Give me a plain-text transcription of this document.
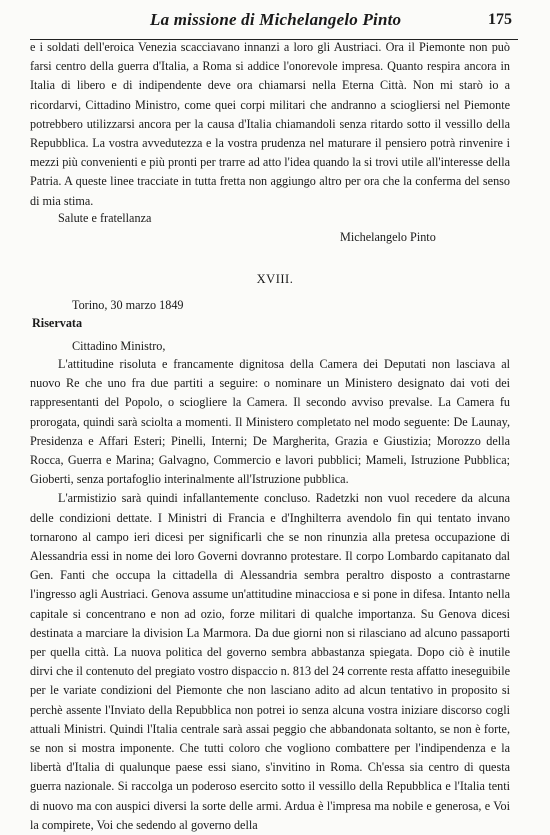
La missione di Michelangelo Pinto	175

e i soldati dell'eroica Venezia scacciavano innanzi a loro gli Austriaci. Ora il Piemonte non può farsi centro della guerra d'Italia, a Roma si addice l'onorevole impresa. Quanto respira ancora in Italia di libero e di indipendente deve ora chiamarsi nella Eterna Città. Non mi starò io a ricordarvi, Cittadino Ministro, come quei corpi militari che andranno a sciogliersi nel Piemonte potrebbero utilizzarsi ancora per la causa d'Italia chiamandoli senza ritardo sotto il vessillo della Repubblica. La vostra avvedutezza e la vostra prudenza nel maturare il pensiero potrà rinvenire i mezzi più convenienti e più pronti per trarre ad atto l'idea quando la si trovi utile all'interesse della Patria. A queste linee tracciate in tutta fretta non aggiungo altro per ora che la conferma del senso di mia stima.

Salute e fratellanza
Michelangelo Pinto
XVIII.
Torino, 30 marzo 1849
Riservata
Cittadino Ministro,

L'attitudine risoluta e francamente dignitosa della Camera dei Deputati non lasciava al nuovo Re che uno fra due partiti a seguire: o nominare un Ministero designato dai voti dei rappresentanti del Popolo, o sciogliere la Camera. Il secondo avviso prevalse. La Camera fu prorogata, quindi sarà sciolta a momenti. Il Ministero completato nel modo seguente: De Launay, Presidenza e Affari Esteri; Pinelli, Interni; De Margherita, Grazia e Giustizia; Morozzo della Rocca, Guerra e Marina; Galvagno, Commercio e lavori pubblici; Mameli, Istruzione Pubblica; Gioberti, senza portafoglio interinalmente all'Istruzione pubblica.

L'armistizio sarà quindi infallantemente concluso. Radetzki non vuol recedere da alcuna delle condizioni dettate. I Ministri di Francia e d'Inghilterra avendolo fin qui tentato invano tornarono al campo ieri dicesi per significarli che se non rinunzia alla pretesa occupazione di Alessandria essi in nome dei loro Governi dovranno protestare. Il corpo Lombardo capitanato dal Gen. Fanti che occupa la cittadella di Alessandria sembra peraltro disposto a contrastarne l'ingresso agli Austriaci. Genova assume un'attitudine minacciosa e si pone in difesa. Intanto nella capitale si concentrano e non ad ozio, forze militari di qualche importanza. Su Genova dicesi destinata a marciare la division La Marmora. Da due giorni non si rilasciano ad alcuno passaporti per quella città. La nuova politica del governo sembra abbastanza spiegata. Dopo ciò è inutile dirvi che il contenuto del pregiato vostro dispaccio n. 813 del 24 corrente resta affatto ineseguibile per le variate condizioni del Piemonte che non lasciano adito ad alcun tentativo in proposito si perchè assente l'Inviato della Repubblica non potrei io senza alcuna vostra iniziare discorso cogli attuali Ministri. Quindi l'Italia centrale sarà assai peggio che abbandonata soltanto, se non è forte, se non si mostra imponente. Che tutti coloro che vogliono combattere per l'indipendenza e la libertà d'Italia di qualunque paese essi siano, s'invitino in Roma. Ch'essa sia centro di questa guerra nazionale. Si raccolga un poderoso esercito sotto il vessillo della Repubblica e l'Italia tenti di nuovo ma con auspici diversi la sorte delle armi. Ardua è l'impresa ma nobile e generosa, e Voi la compirete, Voi che sedendo al governo della
